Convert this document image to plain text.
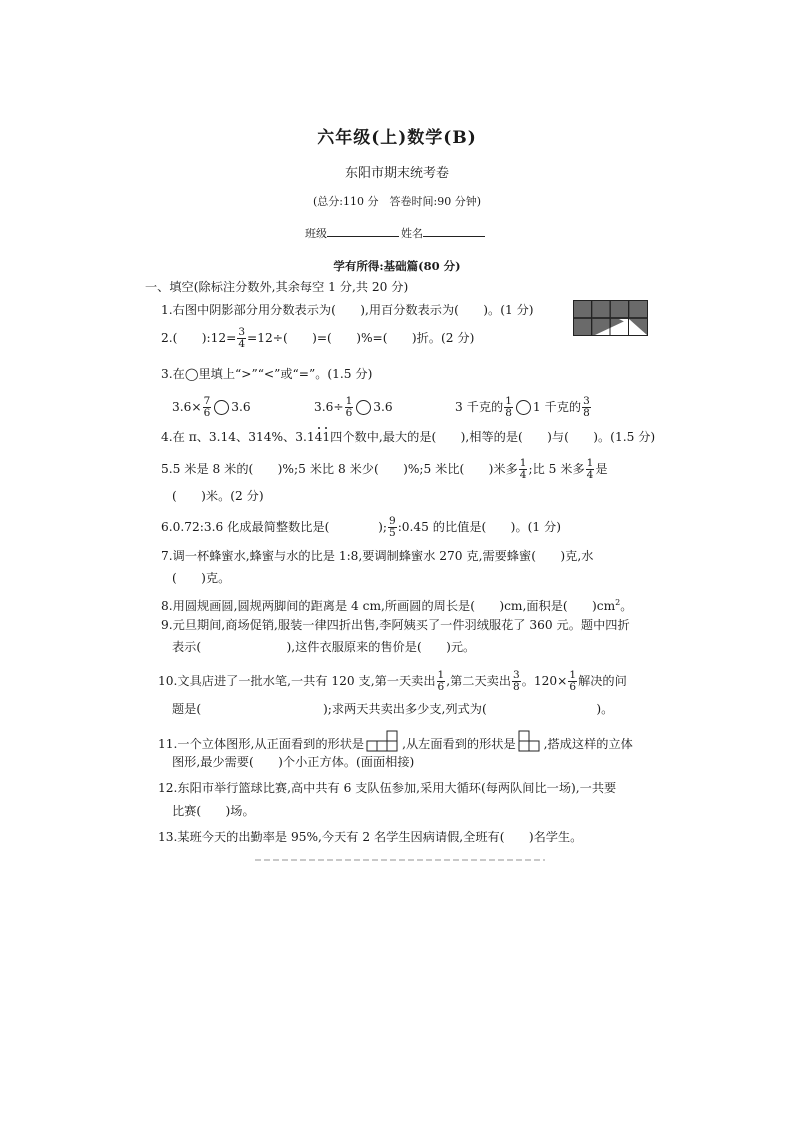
六年级(上)数学(B)
东阳市期末统考卷
(总分:110 分　答卷时间:90 分钟)
班级	姓名
学有所得:基础篇(80 分)
一、填空(除标注分数外,其余每空 1 分,共 20 分)
1.右图中阴影部分用分数表示为(　　),用百分数表示为(　　)。(1 分)
2.(　　):12= $\frac{3}{4} =12\div$(　　)=(　　)%=(　　)折。(2 分)
3.在◯里填上“>”“<”或“=”。(1.5 分)
$3.6\times \frac{7}{6} 3.6$	$3.6\div \frac{1}{6} 3.6$	3 千克的 $\frac{1}{8} 1$ 千克的 $\frac{3}{8}$
4.在 π、3.14、314%、3.141四个数中,最大的是(　　),相等的是(　　)与(　　)。(1.5 分)
5.5 米是 8 米的(　　)%;5 米比 8 米少(　　)%;5 米比(　　)米多 $\frac{1}{4}$ ;比 5 米多 $\frac{1}{4}$ 是
(　　)米。(2 分)
6.0.72:3.6 化成最简整数比是(　　　　); $\frac{9}{5}$ :0.45 的比值是(　　)。(1 分)
7.调一杯蜂蜜水,蜂蜜与水的比是 1:8,要调制蜂蜜水 270 克,需要蜂蜜(　　)克,水
(　　)克。
8.用圆规画圆,圆规两脚间的距离是 4 cm,所画圆的周长是(　　)cm,面积是(　　)$cm^2$。
9.元旦期间,商场促销,服装一律四折出售,李阿姨买了一件羽绒服花了 360 元。题中四折
表示(　　　　　　　),这件衣服原来的售价是(　　)元。
10.文具店进了一批水笔,一共有 120 支,第一天卖出 $\frac{1}{6}$ ,第二天卖出 $\frac{3}{8}$ 。$120\times \frac{1}{6}$ 解决的问
题是(　　　　　　　　　　);求两天共卖出多少支,列式为(　　　　　　　　　)。
11.一个立体图形,从正面看到的形状是	,从左面看到的形状是 ,搭成这样的立体
图形,最少需要(　　)个小正方体。(面面相接)
12.东阳市举行篮球比赛,高中共有 6 支队伍参加,采用大循环(每两队间比一场),一共要
比赛(　　)场。
13.某班今天的出勤率是 95%,今天有 2 名学生因病请假,全班有(　　)名学生。
